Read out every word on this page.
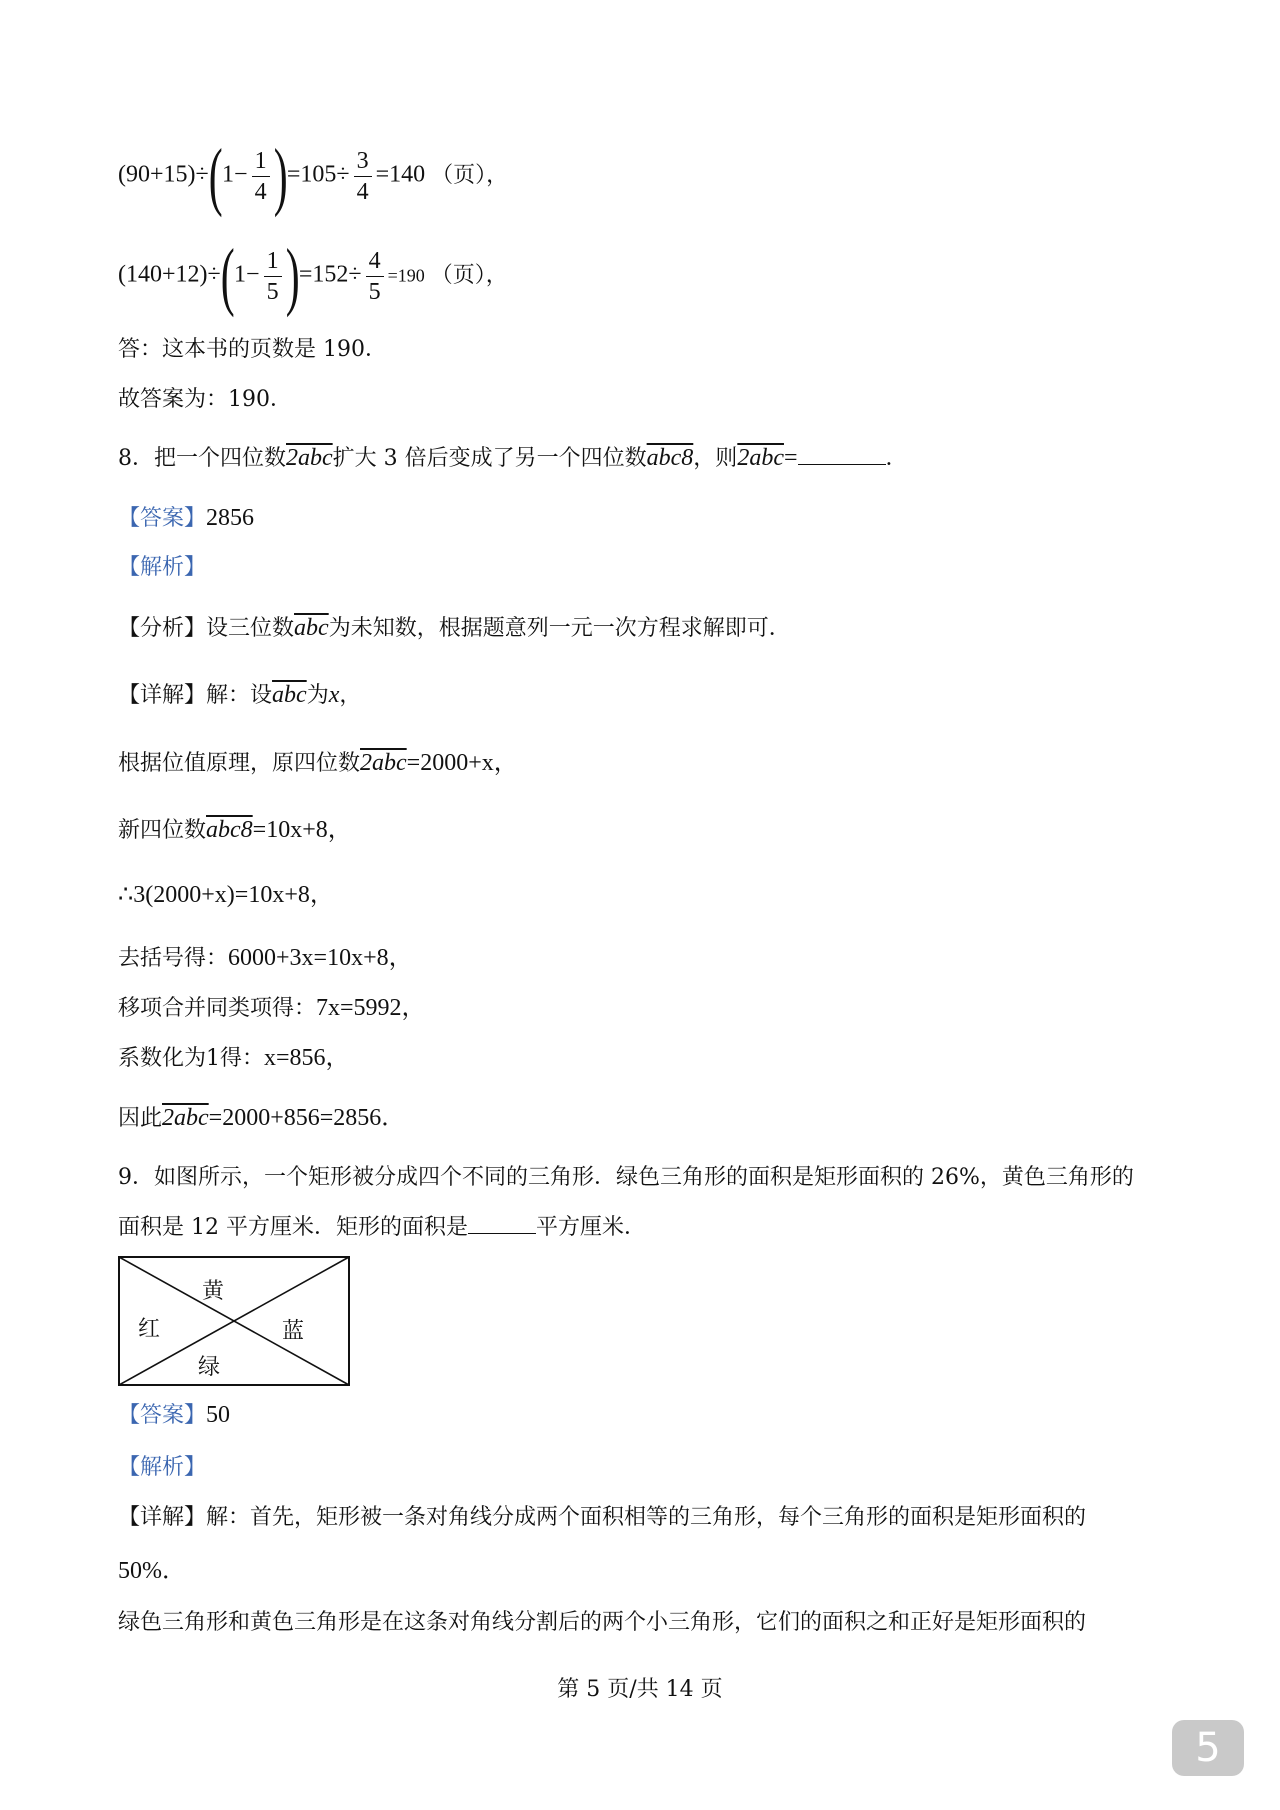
$(90+15)\div(1- \frac{1}{4} )=105\div \frac{3}{4} =140$ （页），
$(140+12)\div(1- \frac{1}{5} )=152\div \frac{4}{5} =190$ （页），
答：这本书的页数是 190．
故答案为：190．
8．把一个四位数2abc扩大 3 倍后变成了另一个四位数abc8，则2abc=	．
【答案】2856
【解析】
【分析】设三位数$\overline{abc}$为未知数，根据题意列一元一次方程求解即可．
【详解】解：设$\overline{abc}$为x，
根据位值原理，原四位数2abc=2000+x，
新四位数abc8=10x+8，
∴3(2000+x)=10x+8，
去括号得：6000+3x=10x+8，
移项合并同类项得：7x=5992，
系数化为1得：x=856，
因此2abc=2000+856=2856．
9．如图所示，一个矩形被分成四个不同的三角形．绿色三角形的面积是矩形面积的 26%，黄色三角形的
面积是 12 平方厘米．矩形的面积是	平方厘米．
黄
红	蓝
绿
【答案】50
【解析】
【详解】解：首先，矩形被一条对角线分成两个面积相等的三角形，每个三角形的面积是矩形面积的
50%．
绿色三角形和黄色三角形是在这条对角线分割后的两个小三角形，它们的面积之和正好是矩形面积的
第 5 页/共 14 页
5
